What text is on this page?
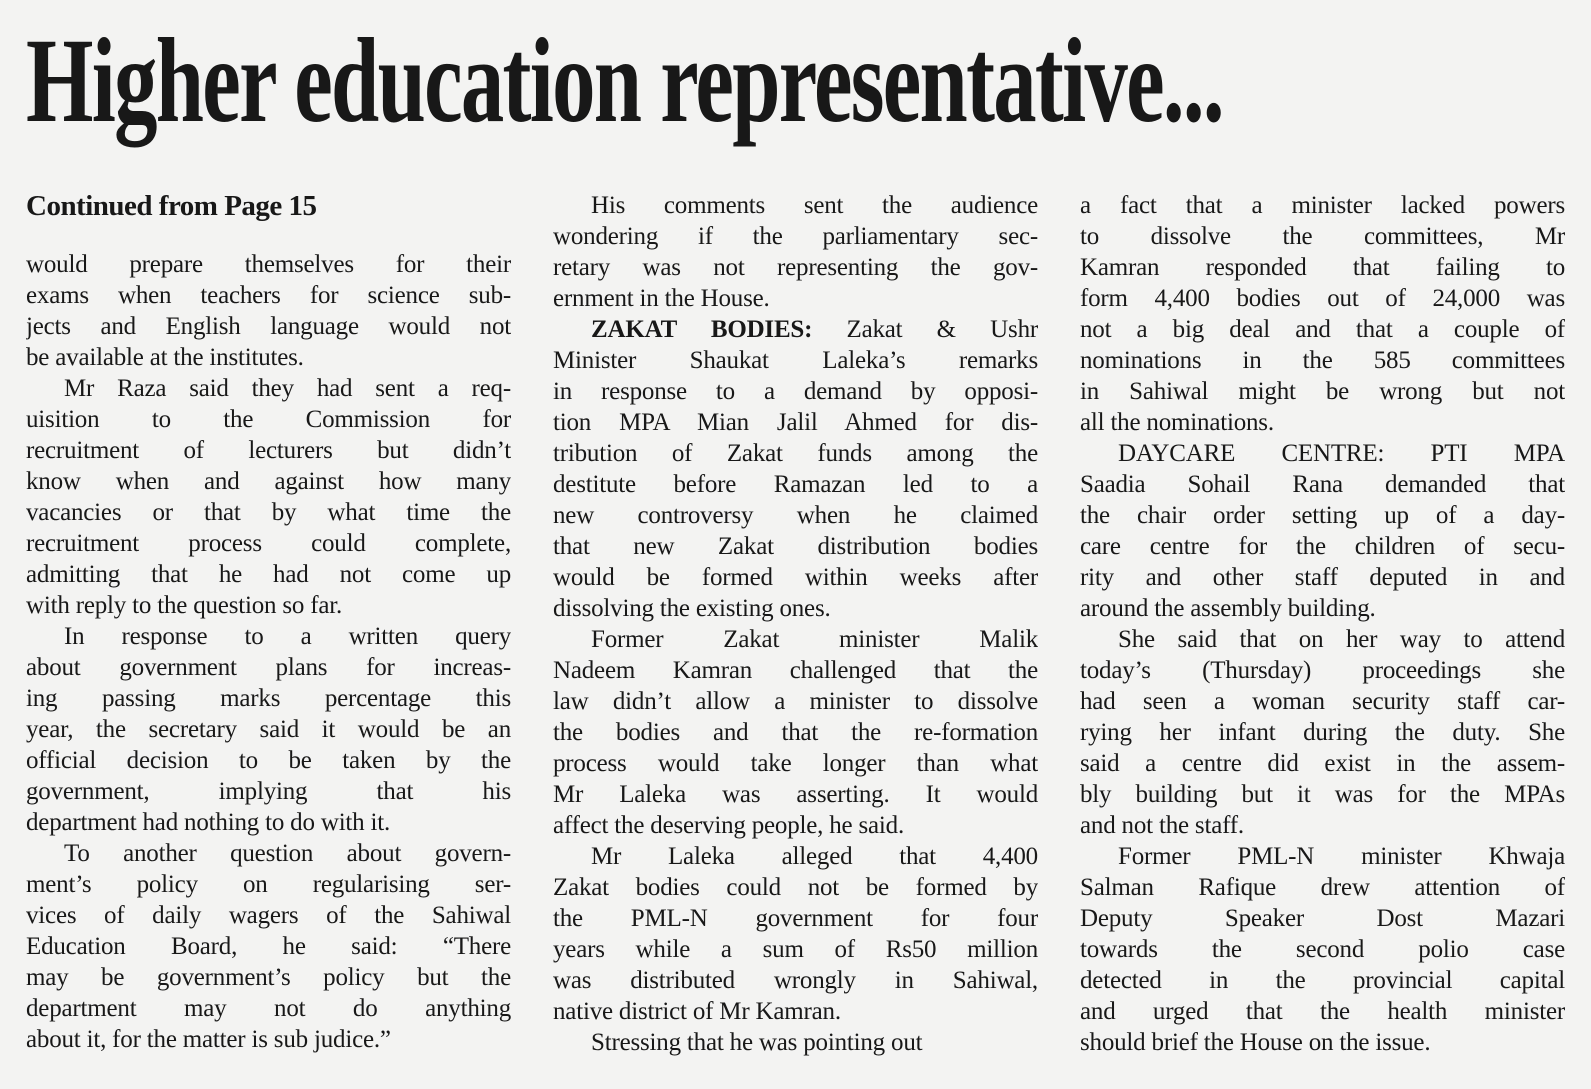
Higher education representative...
Continued from Page 15
would prepare themselves for their
exams when teachers for science sub-
jects and English language would not
be available at the institutes.
Mr Raza said they had sent a req-
uisition to the Commission for
recruitment of lecturers but didn’t
know when and against how many
vacancies or that by what time the
recruitment process could complete,
admitting that he had not come up
with reply to the question so far.
In response to a written query
about government plans for increas-
ing passing marks percentage this
year, the secretary said it would be an
official decision to be taken by the
government, implying that his
department had nothing to do with it.
To another question about govern-
ment’s policy on regularising ser-
vices of daily wagers of the Sahiwal
Education Board, he said: “There
may be government’s policy but the
department may not do anything
about it, for the matter is sub judice.”
His comments sent the audience
wondering if the parliamentary sec-
retary was not representing the gov-
ernment in the House.
ZAKAT BODIES: Zakat & Ushr
Minister Shaukat Laleka’s remarks
in response to a demand by opposi-
tion MPA Mian Jalil Ahmed for dis-
tribution of Zakat funds among the
destitute before Ramazan led to a
new controversy when he claimed
that new Zakat distribution bodies
would be formed within weeks after
dissolving the existing ones.
Former Zakat minister Malik
Nadeem Kamran challenged that the
law didn’t allow a minister to dissolve
the bodies and that the re-formation
process would take longer than what
Mr Laleka was asserting. It would
affect the deserving people, he said.
Mr Laleka alleged that 4,400
Zakat bodies could not be formed by
the PML-N government for four
years while a sum of Rs50 million
was distributed wrongly in Sahiwal,
native district of Mr Kamran.
Stressing that he was pointing out
a fact that a minister lacked powers
to dissolve the committees, Mr
Kamran responded that failing to
form 4,400 bodies out of 24,000 was
not a big deal and that a couple of
nominations in the 585 committees
in Sahiwal might be wrong but not
all the nominations.
DAYCARE CENTRE: PTI MPA
Saadia Sohail Rana demanded that
the chair order setting up of a day-
care centre for the children of secu-
rity and other staff deputed in and
around the assembly building.
She said that on her way to attend
today’s (Thursday) proceedings she
had seen a woman security staff car-
rying her infant during the duty. She
said a centre did exist in the assem-
bly building but it was for the MPAs
and not the staff.
Former PML-N minister Khwaja
Salman Rafique drew attention of
Deputy Speaker Dost Mazari
towards the second polio case
detected in the provincial capital
and urged that the health minister
should brief the House on the issue.
